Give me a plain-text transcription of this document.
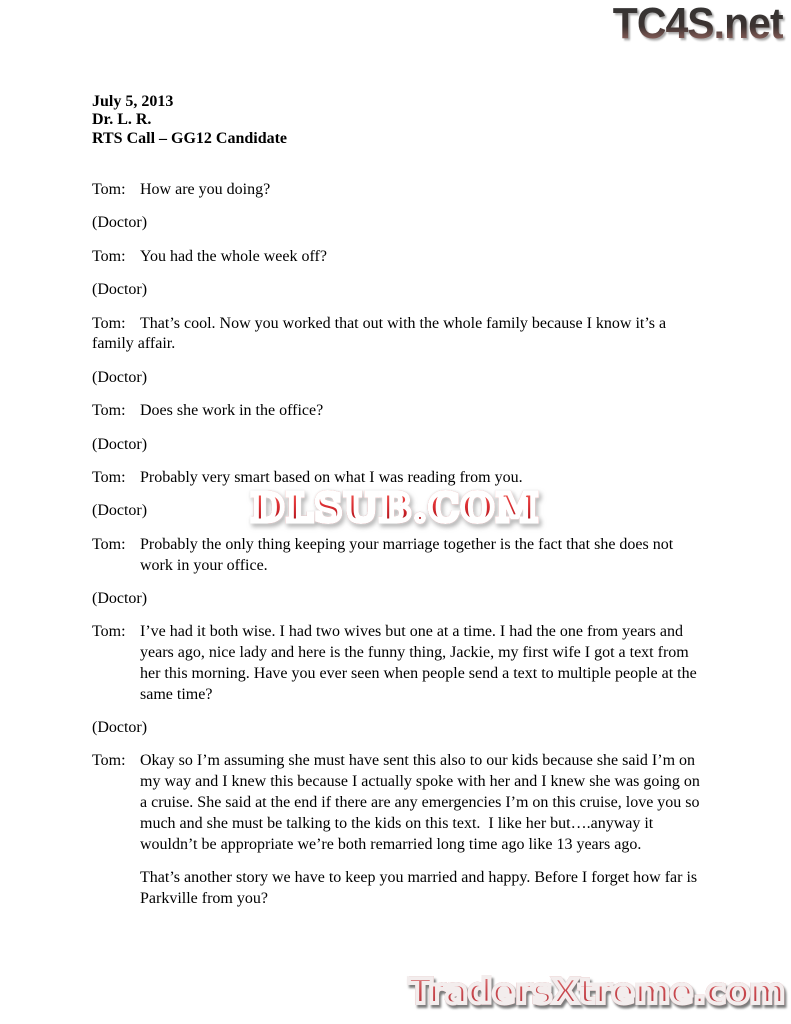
TC4S.net
July 5, 2013
Dr. L. R.
RTS Call – GG12 Candidate

Tom: How are you doing?

(Doctor)

Tom: You had the whole week off?

(Doctor)

Tom: That’s cool. Now you worked that out with the whole family because I know it’s a family affair.

(Doctor)

Tom: Does she work in the office?

(Doctor)

Tom: Probably very smart based on what I was reading from you.

(Doctor)

Tom: Probably the only thing keeping your marriage together is the fact that she does not work in your office.

(Doctor)

Tom: I’ve had it both wise. I had two wives but one at a time. I had the one from years and years ago, nice lady and here is the funny thing, Jackie, my first wife I got a text from her this morning. Have you ever seen when people send a text to multiple people at the same time?

(Doctor)

Tom: Okay so I’m assuming she must have sent this also to our kids because she said I’m on my way and I knew this because I actually spoke with her and I knew she was going on a cruise. She said at the end if there are any emergencies I’m on this cruise, love you so much and she must be talking to the kids on this text.  I like her but….anyway it wouldn’t be appropriate we’re both remarried long time ago like 13 years ago.

That’s another story we have to keep you married and happy. Before I forget how far is Parkville from you?

DLSUB.COM
TradersXtreme.com
